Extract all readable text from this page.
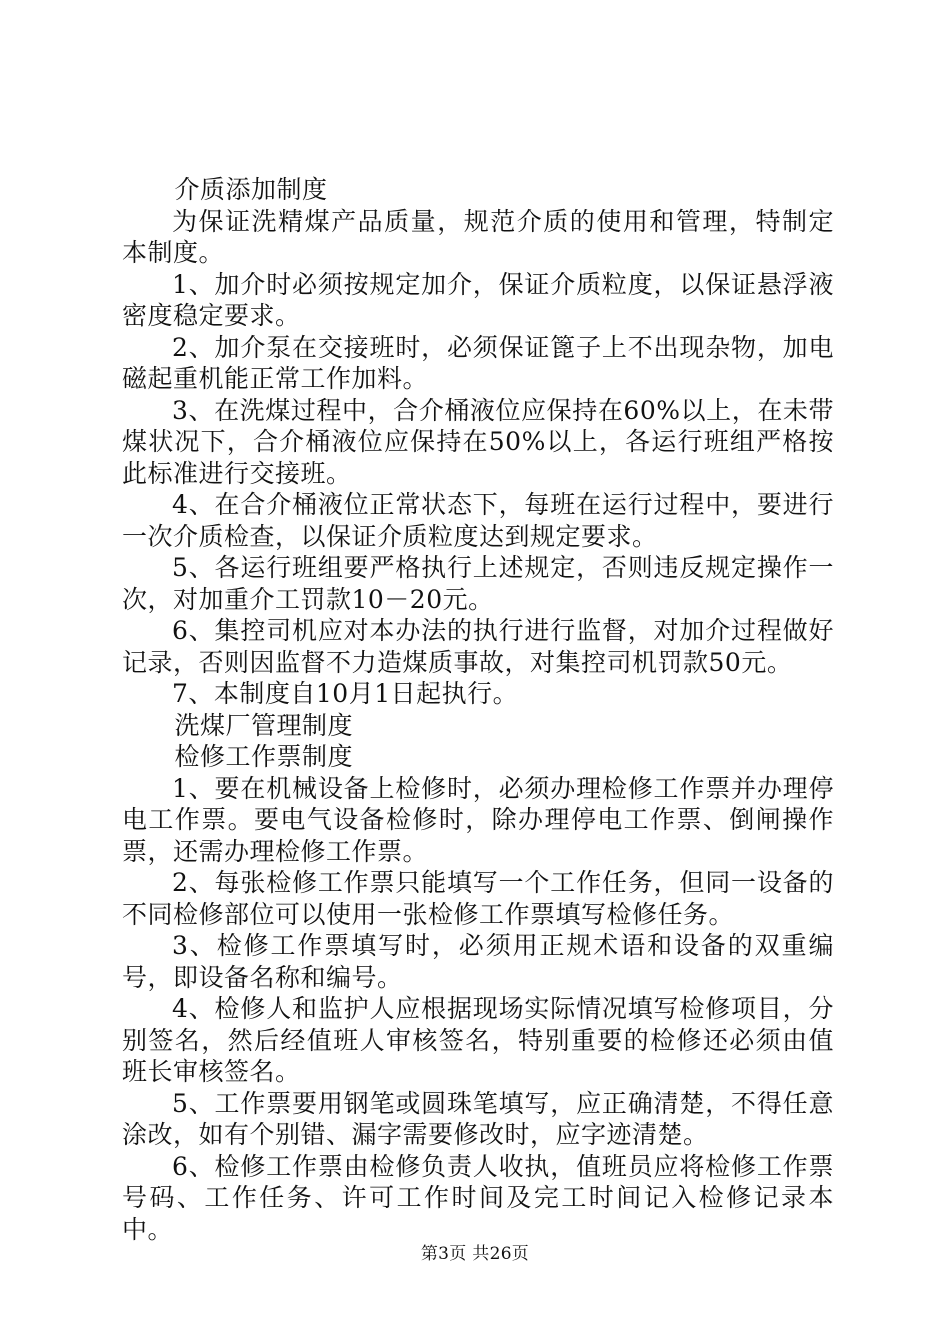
介质添加制度

为保证洗精煤产品质量，规范介质的使用和管理，特制定本制度。

1、加介时必须按规定加介，保证介质粒度，以保证悬浮液密度稳定要求。

2、加介泵在交接班时，必须保证篦子上不出现杂物，加电磁起重机能正常工作加料。

3、在洗煤过程中，合介桶液位应保持在60%以上，在未带煤状况下，合介桶液位应保持在50%以上，各运行班组严格按此标准进行交接班。

4、在合介桶液位正常状态下，每班在运行过程中，要进行一次介质检查，以保证介质粒度达到规定要求。

5、各运行班组要严格执行上述规定，否则违反规定操作一次，对加重介工罚款10－20元。

6、集控司机应对本办法的执行进行监督，对加介过程做好记录，否则因监督不力造煤质事故，对集控司机罚款50元。

7、本制度自10月1日起执行。

洗煤厂管理制度

检修工作票制度

1、要在机械设备上检修时，必须办理检修工作票并办理停电工作票。要电气设备检修时，除办理停电工作票、倒闸操作票，还需办理检修工作票。

2、每张检修工作票只能填写一个工作任务，但同一设备的不同检修部位可以使用一张检修工作票填写检修任务。

3、检修工作票填写时，必须用正规术语和设备的双重编号，即设备名称和编号。

4、检修人和监护人应根据现场实际情况填写检修项目，分别签名，然后经值班人审核签名，特别重要的检修还必须由值班长审核签名。

5、工作票要用钢笔或圆珠笔填写，应正确清楚，不得任意涂改，如有个别错、漏字需要修改时，应字迹清楚。

6、检修工作票由检修负责人收执，值班员应将检修工作票号码、工作任务、许可工作时间及完工时间记入检修记录本中。

第3页 共26页
